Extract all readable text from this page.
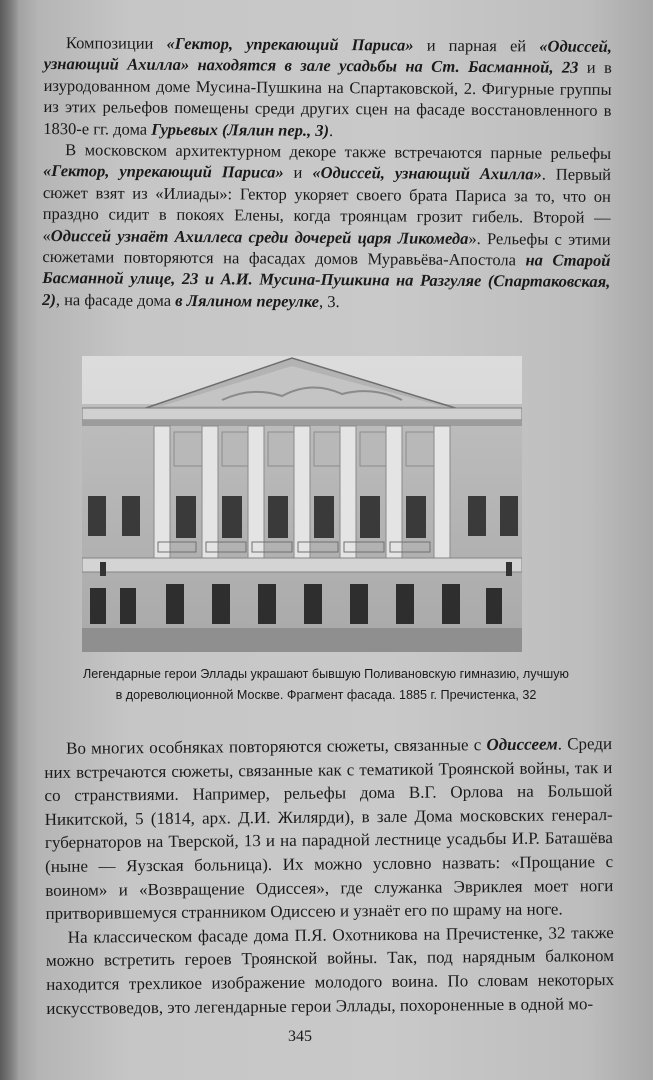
Композиции «Гектор, упрекающий Париса» и парная ей «Одиссей, узнающий Ахилла» находятся в зале усадьбы на Ст. Басманной, 23 и в изуродованном доме Мусина-Пушкина на Спартаковской, 2. Фигурные группы из этих рельефов помещены среди других сцен на фасаде восстановленного в 1830-е гг. дома Гурьевых (Лялин пер., 3).

В московском архитектурном декоре также встречаются парные рельефы «Гектор, упрекающий Париса» и «Одиссей, узнающий Ахилла». Первый сюжет взят из «Илиады»: Гектор укоряет своего брата Париса за то, что он праздно сидит в покоях Елены, когда троянцам грозит гибель. Второй — «Одиссей узнаёт Ахиллеса среди дочерей царя Ликомеда». Рельефы с этими сюжетами повторяются на фасадах домов Муравьёва-Апостола на Старой Басманной улице, 23 и А.И. Мусина-Пушкина на Разгуляе (Спартаковская, 2), на фасаде дома в Лялином переулке, 3.

Легендарные герои Эллады украшают бывшую Поливановскую гимназию, лучшую
в дореволюционной Москве. Фрагмент фасада. 1885 г. Пречистенка, 32

Во многих особняках повторяются сюжеты, связанные с Одиссеем. Среди них встречаются сюжеты, связанные как с тематикой Троянской войны, так и со странствиями. Например, рельефы дома В.Г. Орлова на Большой Никитской, 5 (1814, арх. Д.И. Жилярди), в зале Дома московских генерал-губернаторов на Тверской, 13 и на парадной лестнице усадьбы И.Р. Баташёва (ныне — Яузская больница). Их можно условно назвать: «Прощание с воином» и «Возвращение Одиссея», где служанка Эвриклея моет ноги притворившемуся странником Одиссею и узнаёт его по шраму на ноге.

На классическом фасаде дома П.Я. Охотникова на Пречистенке, 32 также можно встретить героев Троянской войны. Так, под нарядным балконом находится трехликое изображение молодого воина. По словам некоторых искусствоведов, это легендарные герои Эллады, похороненные в одной мо-

345
